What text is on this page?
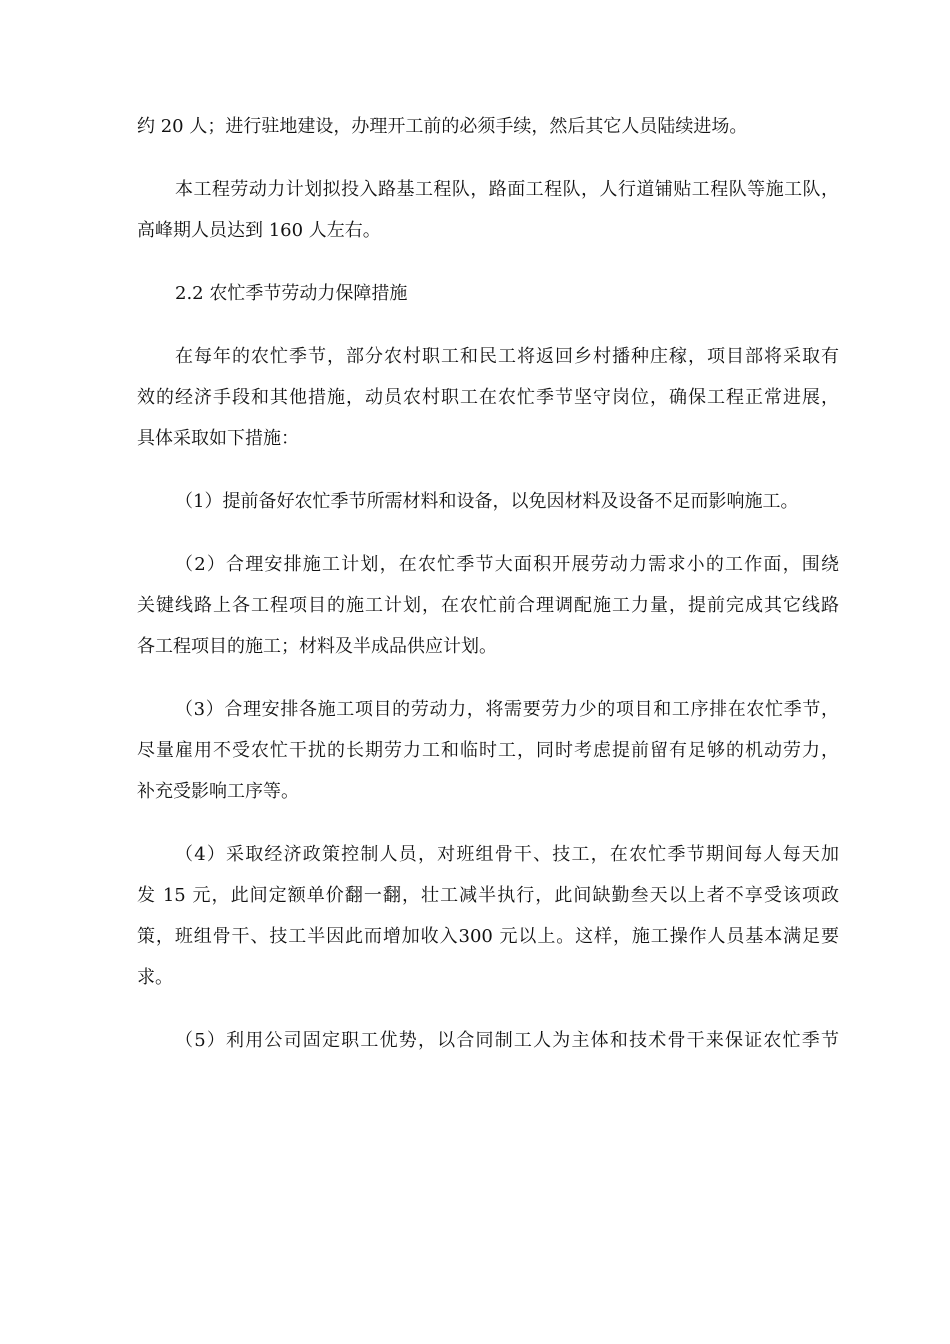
约 20 人；进行驻地建设，办理开工前的必须手续，然后其它人员陆续进场。
本工程劳动力计划拟投入路基工程队，路面工程队，人行道铺贴工程队等施工队，
高峰期人员达到 160 人左右。
2.2 农忙季节劳动力保障措施
在每年的农忙季节，部分农村职工和民工将返回乡村播种庄稼，项目部将采取有
效的经济手段和其他措施，动员农村职工在农忙季节坚守岗位，确保工程正常进展，
具体采取如下措施：
（1）提前备好农忙季节所需材料和设备，以免因材料及设备不足而影响施工。
（2）合理安排施工计划，在农忙季节大面积开展劳动力需求小的工作面，围绕
关键线路上各工程项目的施工计划，在农忙前合理调配施工力量，提前完成其它线路
各工程项目的施工；材料及半成品供应计划。
（3）合理安排各施工项目的劳动力，将需要劳力少的项目和工序排在农忙季节，
尽量雇用不受农忙干扰的长期劳力工和临时工，同时考虑提前留有足够的机动劳力，
补充受影响工序等。
（4）采取经济政策控制人员，对班组骨干、技工，在农忙季节期间每人每天加
发 15 元，此间定额单价翻一翻，壮工减半执行，此间缺勤叁天以上者不享受该项政
策，班组骨干、技工半因此而增加收入300 元以上。这样，施工操作人员基本满足要
求。
（5）利用公司固定职工优势，以合同制工人为主体和技术骨干来保证农忙季节
